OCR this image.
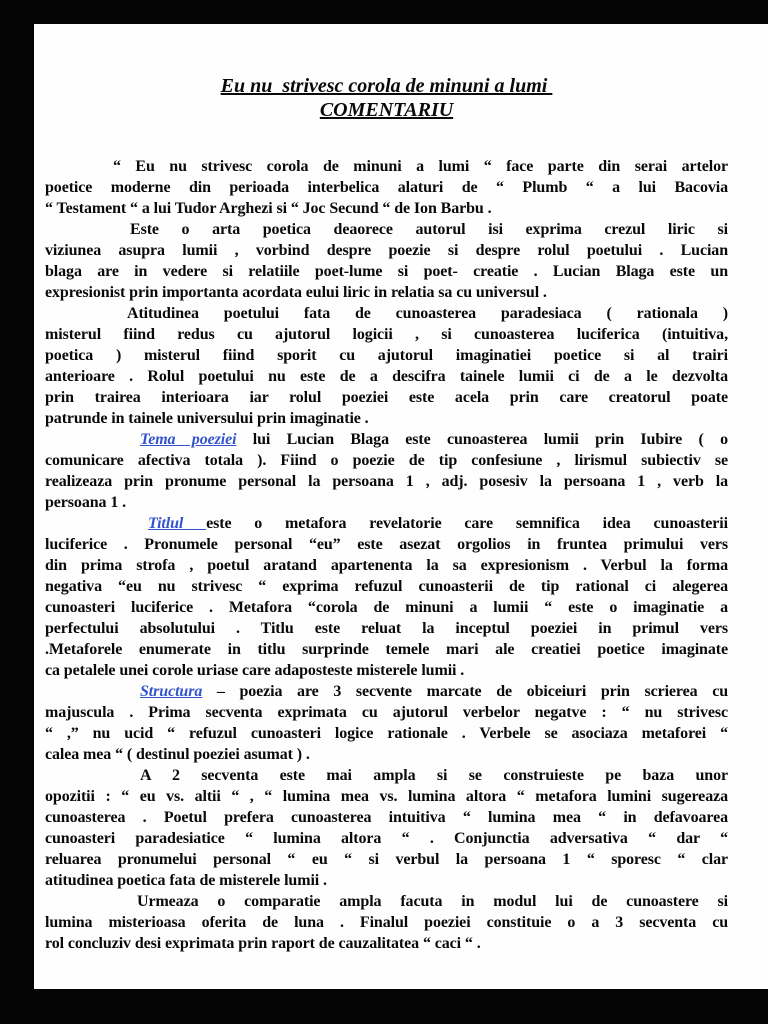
Eu nu  strivesc corola de minuni a lumi
COMENTARIU
“ Eu nu strivesc corola de minuni a lumi “ face parte din serai artelor
poetice moderne din perioada interbelica alaturi de “ Plumb “ a lui Bacovia
“ Testament “ a lui Tudor Arghezi si “ Joc Secund “ de Ion Barbu .
Este o arta poetica deaorece autorul isi exprima crezul liric si
viziunea asupra lumii , vorbind despre poezie si despre rolul poetului . Lucian
blaga are in vedere si relatiile poet-lume si poet- creatie . Lucian Blaga este un
expresionist prin importanta acordata eului liric in relatia sa cu universul .
Atitudinea poetului fata de cunoasterea paradesiaca ( rationala )
misterul fiind redus cu ajutorul logicii , si cunoasterea luciferica (intuitiva,
poetica ) misterul fiind sporit cu ajutorul imaginatiei poetice si al trairi
anterioare . Rolul poetului nu este de a descifra tainele lumii ci de a le dezvolta
prin trairea interioara iar rolul poeziei este acela prin care creatorul poate
patrunde in tainele universului prin imaginatie .
Tema poeziei lui Lucian Blaga este cunoasterea lumii prin Iubire ( o
comunicare afectiva totala ). Fiind o poezie de tip confesiune , lirismul subiectiv se
realizeaza prin pronume personal la persoana 1 , adj. posesiv la persoana 1 , verb la
persoana 1 .
Titlul este o metafora revelatorie care semnifica idea cunoasterii
luciferice . Pronumele personal “eu” este asezat orgolios in fruntea primului vers
din prima strofa , poetul aratand apartenenta la sa expresionism . Verbul la forma
negativa “eu nu strivesc “ exprima refuzul cunoasterii de tip rational ci alegerea
cunoasteri luciferice . Metafora “corola de minuni a lumii “ este o imaginatie a
perfectului absolutului . Titlu este reluat la inceptul poeziei in primul vers
.Metaforele enumerate in titlu surprinde temele mari ale creatiei poetice imaginate
ca petalele unei corole uriase care adaposteste misterele lumii .
Structura – poezia are 3 secvente marcate de obiceiuri prin scrierea cu
majuscula . Prima secventa exprimata cu ajutorul verbelor negatve : “ nu strivesc
“ ,” nu ucid “ refuzul cunoasteri logice rationale . Verbele se asociaza metaforei “
calea mea “ ( destinul poeziei asumat ) .
A 2 secventa este mai ampla si se construieste pe baza unor
opozitii : “ eu vs. altii “ , “ lumina mea vs. lumina altora “ metafora lumini sugereaza
cunoasterea . Poetul prefera cunoasterea intuitiva “ lumina mea “ in defavoarea
cunoasteri paradesiatice “ lumina altora “ . Conjunctia adversativa “ dar “
reluarea pronumelui personal “ eu “ si verbul la persoana 1 “ sporesc “ clar
atitudinea poetica fata de misterele lumii .
Urmeaza o comparatie ampla facuta in modul lui de cunoastere si
lumina misterioasa oferita de luna . Finalul poeziei constituie o a 3 secventa cu
rol concluziv desi exprimata prin raport de cauzalitatea “ caci “ .
